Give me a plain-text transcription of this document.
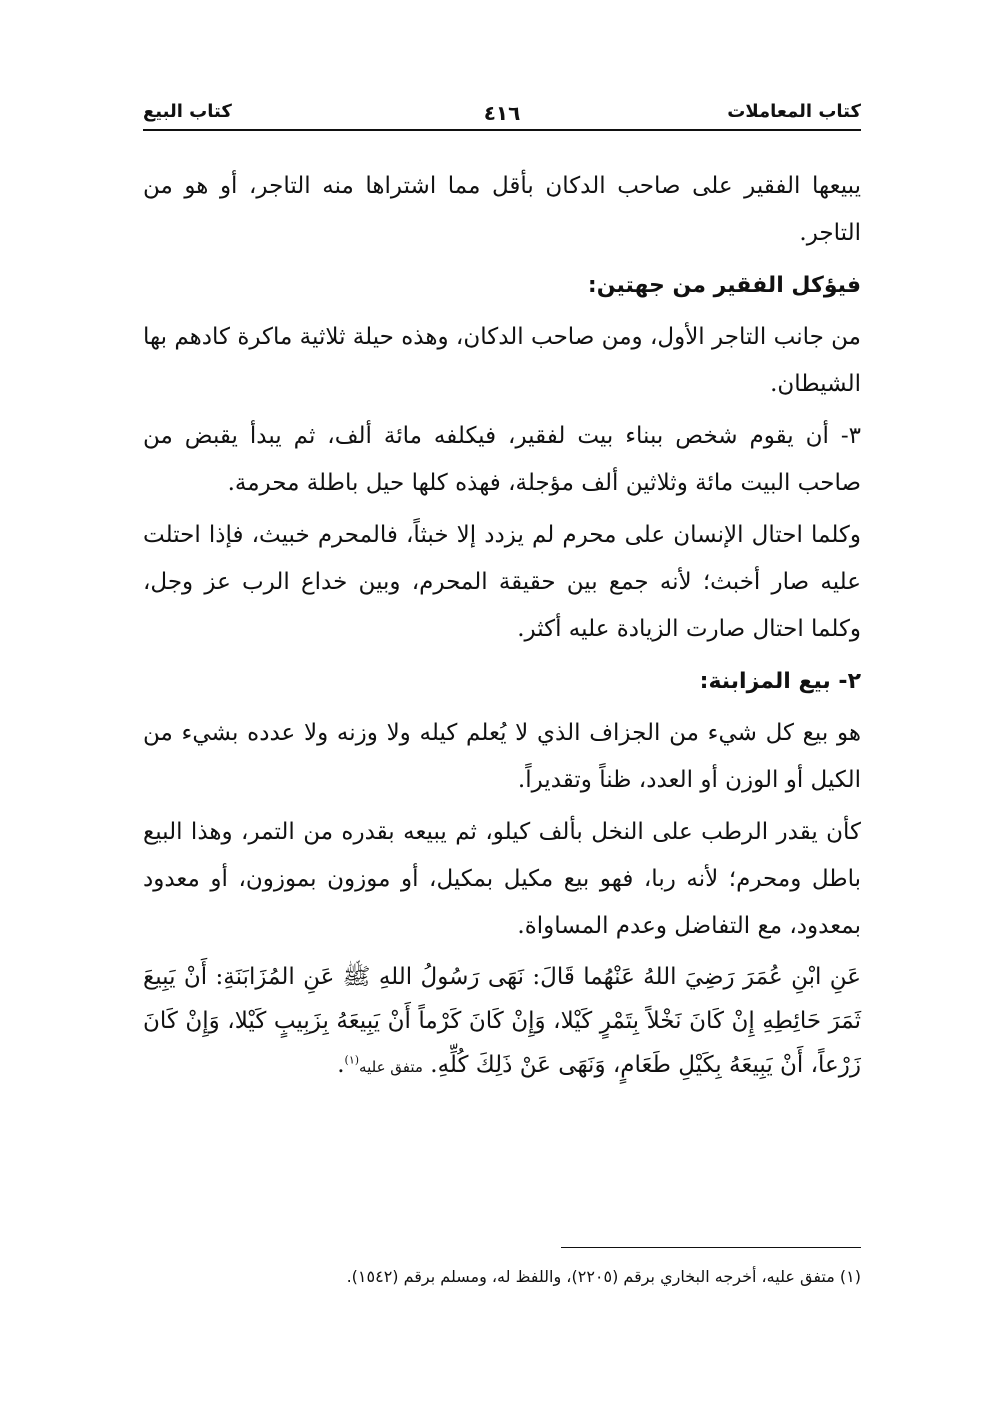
كتاب المعاملات
٤١٦
كتاب البيع

يبيعها الفقير على صاحب الدكان بأقل مما اشتراها منه التاجر، أو هو من التاجر.

فيؤكل الفقير من جهتين:

من جانب التاجر الأول، ومن صاحب الدكان، وهذه حيلة ثلاثية ماكرة كادهم بها الشيطان.

٣- أن يقوم شخص ببناء بيت لفقير، فيكلفه مائة ألف، ثم يبدأ يقبض من صاحب البيت مائة وثلاثين ألف مؤجلة، فهذه كلها حيل باطلة محرمة.

وكلما احتال الإنسان على محرم لم يزدد إلا خبثاً، فالمحرم خبيث، فإذا احتلت عليه صار أخبث؛ لأنه جمع بين حقيقة المحرم، وبين خداع الرب عز وجل، وكلما احتال صارت الزيادة عليه أكثر.

٢- بيع المزابنة:

هو بيع كل شيء من الجزاف الذي لا يُعلم كيله ولا وزنه ولا عدده بشيء من الكيل أو الوزن أو العدد، ظناً وتقديراً.

كأن يقدر الرطب على النخل بألف كيلو، ثم يبيعه بقدره من التمر، وهذا البيع باطل ومحرم؛ لأنه ربا، فهو بيع مكيل بمكيل، أو موزون بموزون، أو معدود بمعدود، مع التفاضل وعدم المساواة.

عَنِ ابْنِ عُمَرَ رَضِيَ اللهُ عَنْهُما قَالَ: نَهَى رَسُولُ اللهِ ﷺ عَنِ المُزَابَنَةِ: أَنْ يَبِيعَ ثَمَرَ حَائِطِهِ إِنْ كَانَ نَخْلاً بِتَمْرٍ كَيْلا، وَإِنْ كَانَ كَرْماً أَنْ يَبِيعَهُ بِزَبِيبٍ كَيْلا، وَإِنْ كَانَ زَرْعاً، أَنْ يَبِيعَهُ بِكَيْلِ طَعَامٍ، وَنَهَى عَنْ ذَلِكَ كُلِّهِ. متفق عليه$^{(١)}$.

(١) متفق عليه، أخرجه البخاري برقم (٢٢٠٥)، واللفظ له، ومسلم برقم (١٥٤٢).
